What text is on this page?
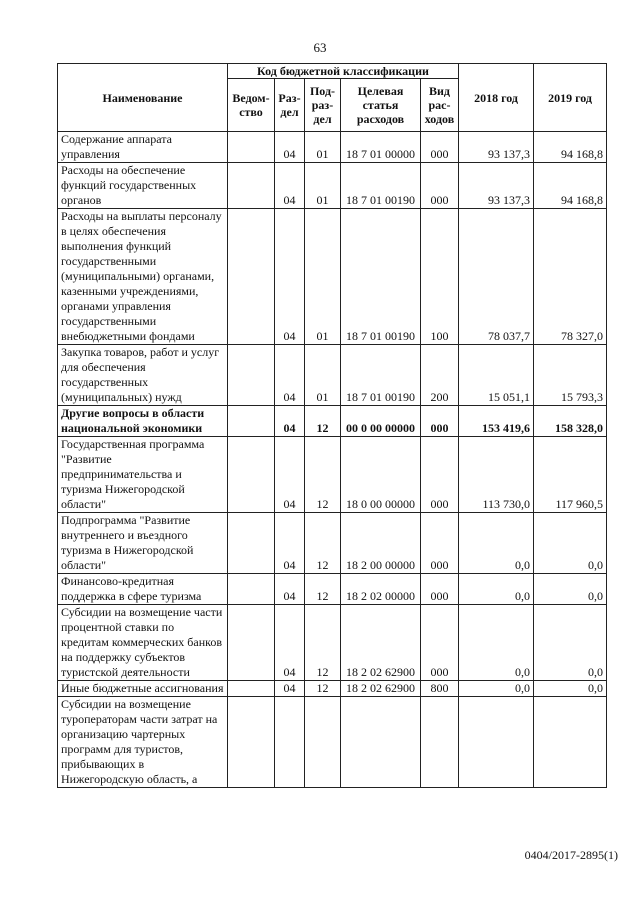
63
Наименование	Код бюджетной классификации					2018 год	2019 год
	Ведом-ство	Раз-дел	Под-раз-дел	Целевая статья расходов	Вид рас-ходов		
Содержание аппарата управления		04	01	18 7 01 00000	000	93 137,3	94 168,8
Расходы на обеспечение функций государственных органов		04	01	18 7 01 00190	000	93 137,3	94 168,8
Расходы на выплаты персоналу в целях обеспечения выполнения функций государственными (муниципальными) органами, казенными учреждениями, органами управления государственными внебюджетными фондами		04	01	18 7 01 00190	100	78 037,7	78 327,0
Закупка товаров, работ и услуг для обеспечения государственных (муниципальных) нужд		04	01	18 7 01 00190	200	15 051,1	15 793,3
Другие вопросы в области национальной экономики		04	12	00 0 00 00000	000	153 419,6	158 328,0
Государственная программа "Развитие предпринимательства и туризма Нижегородской области"		04	12	18 0 00 00000	000	113 730,0	117 960,5
Подпрограмма "Развитие внутреннего и въездного туризма в Нижегородской области"		04	12	18 2 00 00000	000	0,0	0,0
Финансово-кредитная поддержка в сфере туризма		04	12	18 2 02 00000	000	0,0	0,0
Субсидии на возмещение части процентной ставки по кредитам коммерческих банков на поддержку субъектов туристской деятельности		04	12	18 2 02 62900	000	0,0	0,0
Иные бюджетные ассигнования		04	12	18 2 02 62900	800	0,0	0,0
Субсидии на возмещение туроператорам части затрат на организацию чартерных программ для туристов, прибывающих в Нижегородскую область, а							
0404/2017-2895(1)
